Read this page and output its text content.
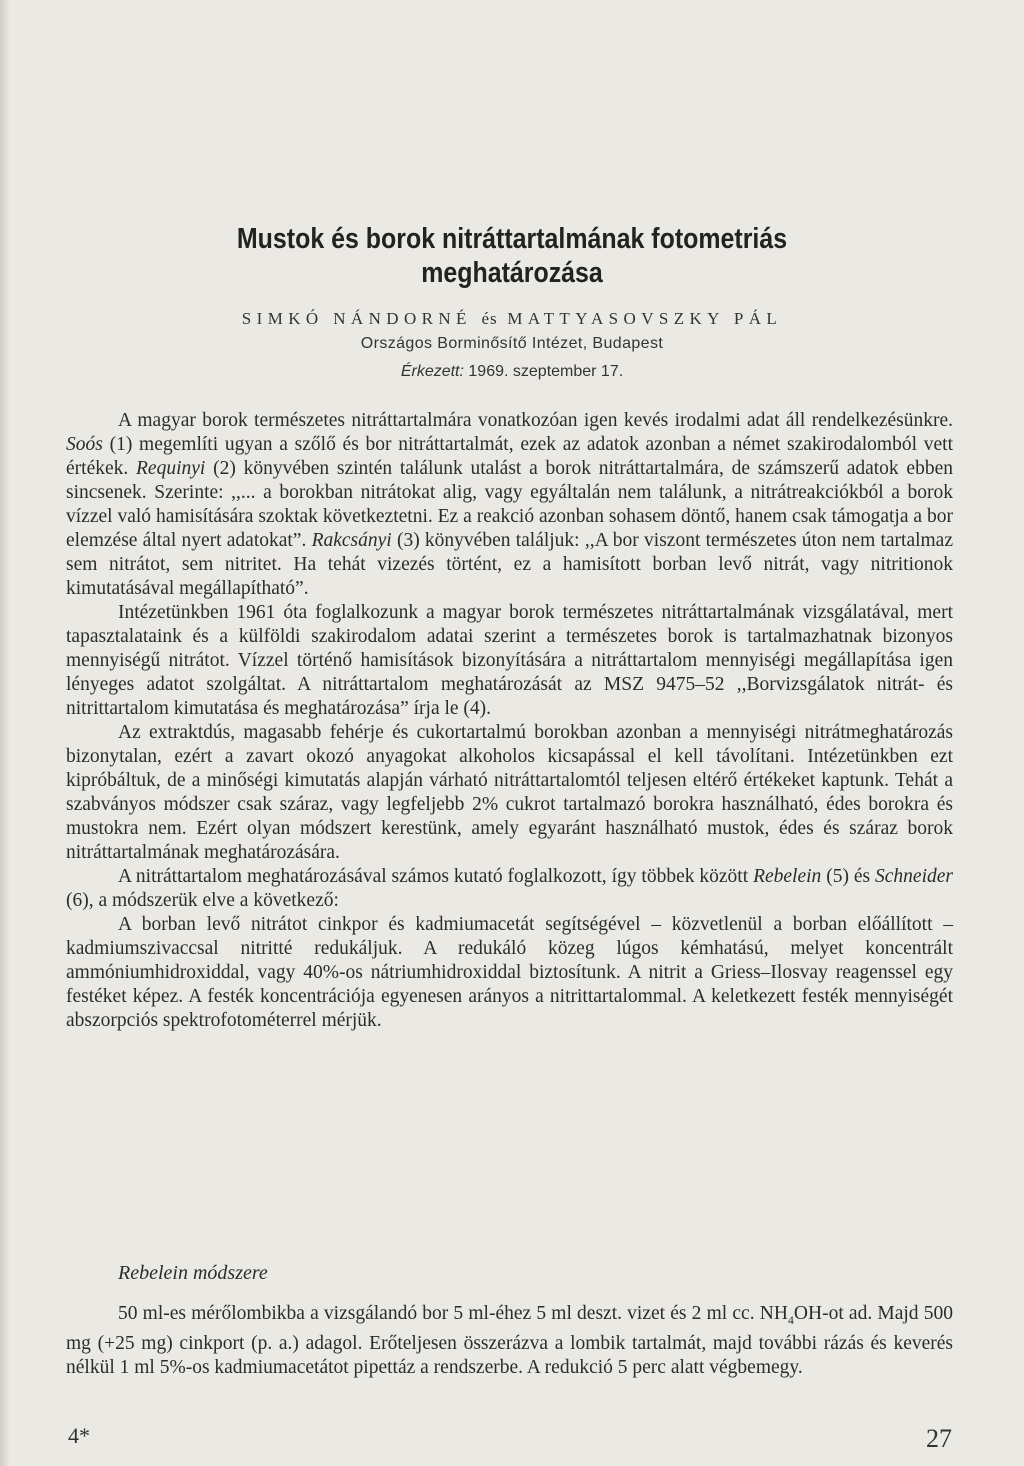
Mustok és borok nitráttartalmának fotometriás
meghatározása
SIMKÓ NÁNDORNÉ és MATTYASOVSZKY PÁL
Országos Borminősítő Intézet, Budapest
Érkezett: 1969. szeptember 17.

A magyar borok természetes nitráttartalmára vonatkozóan igen kevés irodalmi adat áll rendelkezésünkre. Soós (1) megemlíti ugyan a szőlő és bor nitráttartalmát, ezek az adatok azonban a német szakirodalomból vett értékek. Requinyi (2) könyvében szintén találunk utalást a borok nitráttartalmára, de számszerű adatok ebben sincsenek. Szerinte: ,,... a borokban nitrátokat alig, vagy egyáltalán nem találunk, a nitrátreakciókból a borok vízzel való hamisítására szoktak következtetni. Ez a reakció azonban sohasem döntő, hanem csak támogatja a bor elemzése által nyert adatokat”. Rakcsányi (3) könyvében találjuk: ,,A bor viszont természetes úton nem tartalmaz sem nitrátot, sem nitritet. Ha tehát vizezés történt, ez a hamisított borban levő nitrát, vagy nitritionok kimutatásával megállapítható”.

Intézetünkben 1961 óta foglalkozunk a magyar borok természetes nitráttartalmának vizsgálatával, mert tapasztalataink és a külföldi szakirodalom adatai szerint a természetes borok is tartalmazhatnak bizonyos mennyiségű nitrátot. Vízzel történő hamisítások bizonyítására a nitráttartalom mennyiségi megállapítása igen lényeges adatot szolgáltat. A nitráttartalom meghatározását az MSZ 9475–52 ,,Borvizsgálatok nitrát- és nitrittartalom kimutatása és meghatározása” írja le (4).

Az extraktdús, magasabb fehérje és cukortartalmú borokban azonban a mennyiségi nitrátmeghatározás bizonytalan, ezért a zavart okozó anyagokat alkoholos kicsapással el kell távolítani. Intézetünkben ezt kipróbáltuk, de a minőségi kimutatás alapján várható nitráttartalomtól teljesen eltérő értékeket kaptunk. Tehát a szabványos módszer csak száraz, vagy legfeljebb 2% cukrot tartalmazó borokra használható, édes borokra és mustokra nem. Ezért olyan módszert kerestünk, amely egyaránt használható mustok, édes és száraz borok nitráttartalmának meghatározására.

A nitráttartalom meghatározásával számos kutató foglalkozott, így többek között Rebelein (5) és Schneider (6), a módszerük elve a következő:

A borban levő nitrátot cinkpor és kadmiumacetát segítségével – közvetlenül a borban előállított – kadmiumszivaccsal nitritté redukáljuk. A redukáló közeg lúgos kémhatású, melyet koncentrált ammóniumhidroxiddal, vagy 40%-os nátriumhidroxiddal biztosítunk. A nitrit a Griess–Ilosvay reagenssel egy festéket képez. A festék koncentrációja egyenesen arányos a nitrittartalommal. A keletkezett festék mennyiségét abszorpciós spektrofotométerrel mérjük.

Rebelein módszere

50 ml-es mérőlombikba a vizsgálandó bor 5 ml-éhez 5 ml deszt. vizet és 2 ml cc. $NH_4OH-ot$ ad. Majd 500 mg (+25 mg) cinkport (p. a.) adagol. Erőteljesen összerázva a lombik tartalmát, majd további rázás és keverés nélkül 1 ml 5%-os kadmiumacetátot pipettáz a rendszerbe. A redukció 5 perc alatt végbemegy.

4*	27
